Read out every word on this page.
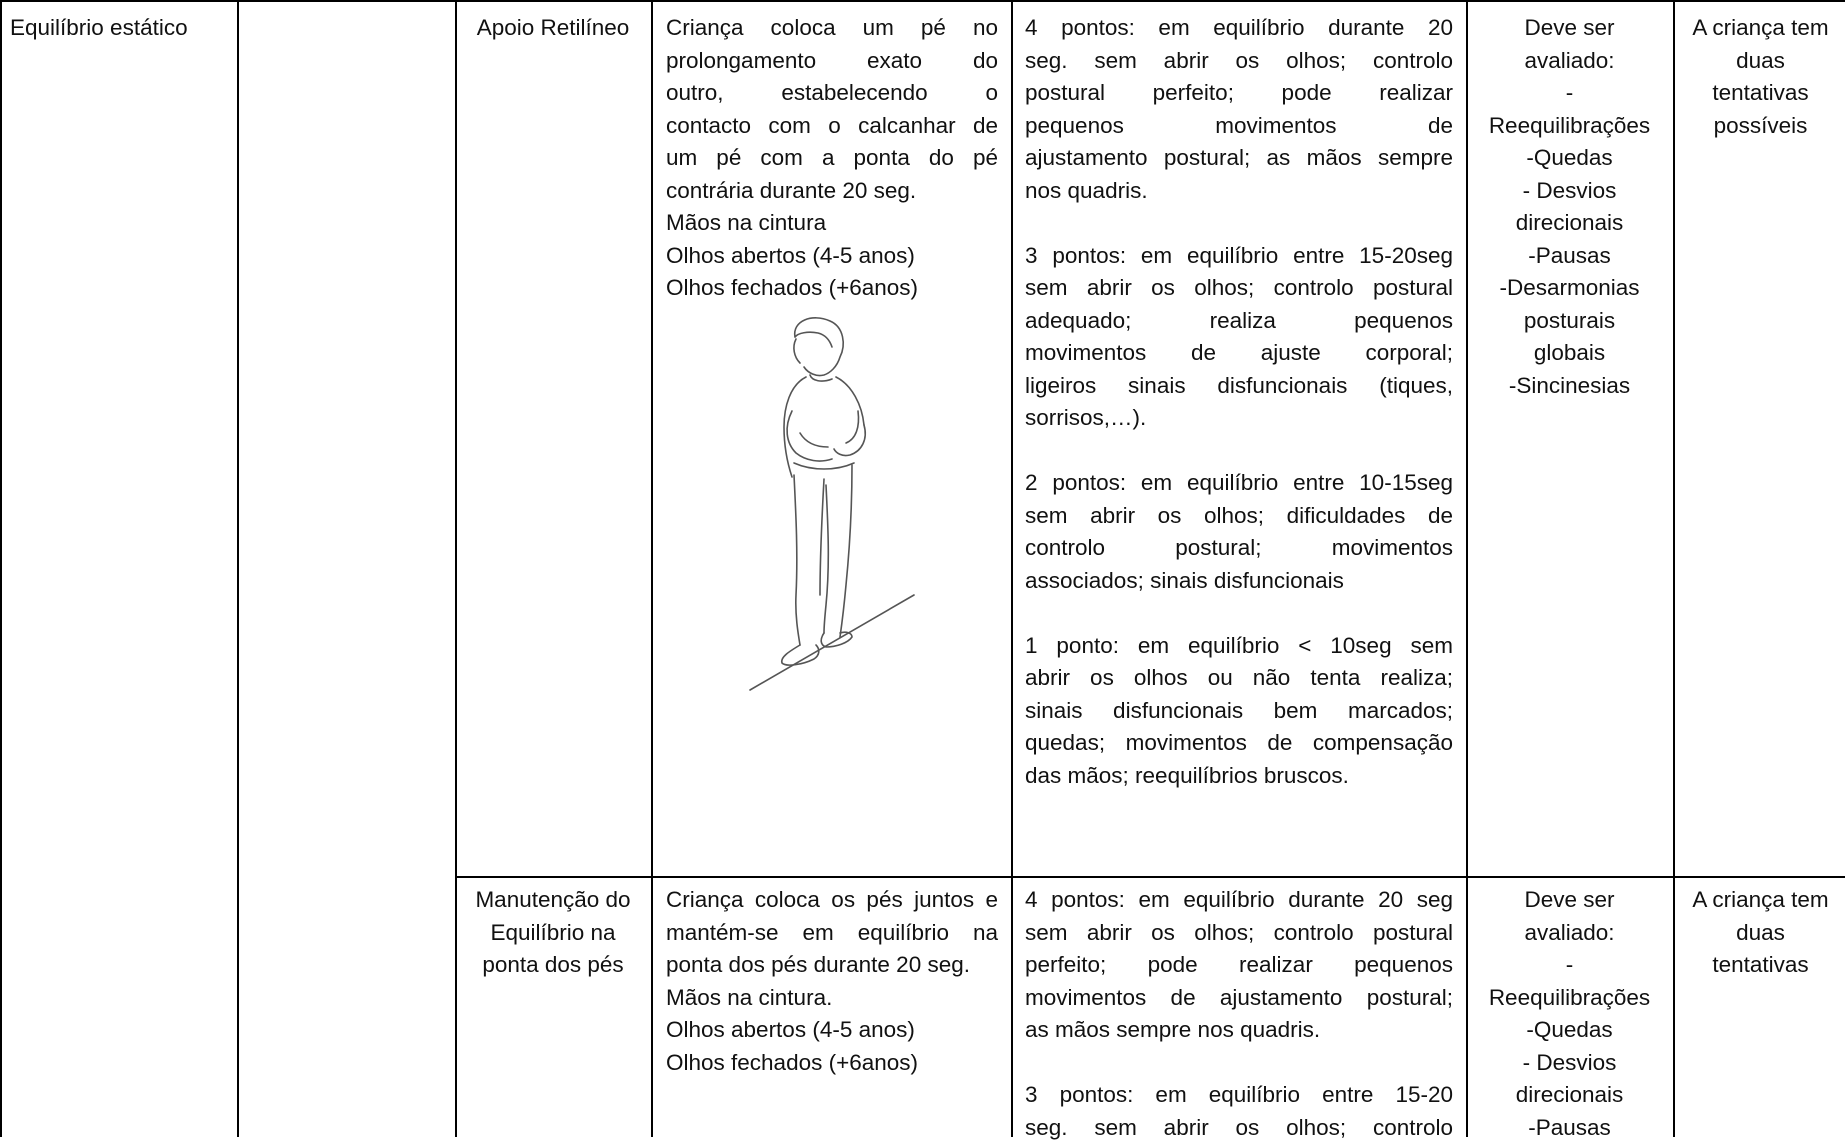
Equilíbrio estático	Apoio Retilíneo	Criança coloca um pé no
prolongamento exato do
outro, estabelecendo o
contacto com o calcanhar de
um pé com a ponta do pé
contrária durante 20 seg.
Mãos na cintura
Olhos abertos (4-5 anos)
Olhos fechados (+6anos)
4 pontos: em equilíbrio durante 20
seg. sem abrir os olhos; controlo
postural perfeito; pode realizar
pequenos movimentos de
ajustamento postural; as mãos sempre
nos quadris.
3 pontos: em equilíbrio entre 15-20seg
sem abrir os olhos; controlo postural
adequado; realiza pequenos
movimentos de ajuste corporal;
ligeiros sinais disfuncionais (tiques,
sorrisos,…).
2 pontos: em equilíbrio entre 10-15seg
sem abrir os olhos; dificuldades de
controlo postural; movimentos
associados; sinais disfuncionais
1 ponto: em equilíbrio < 10seg sem
abrir os olhos ou não tenta realiza;
sinais disfuncionais bem marcados;
quedas; movimentos de compensação
das mãos; reequilíbrios bruscos.
Deve ser
avaliado:
-
Reequilibrações
-Quedas
- Desvios
direcionais
-Pausas
-Desarmonias
posturais
globais
-Sincinesias
A criança tem
duas
tentativas
possíveis
Manutenção do
Equilíbrio na
ponta dos pés
Criança coloca os pés juntos e
mantém-se em equilíbrio na
ponta dos pés durante 20 seg.
Mãos na cintura.
Olhos abertos (4-5 anos)
Olhos fechados (+6anos)
4 pontos: em equilíbrio durante 20 seg
sem abrir os olhos; controlo postural
perfeito; pode realizar pequenos
movimentos de ajustamento postural;
as mãos sempre nos quadris.
3 pontos: em equilíbrio entre 15-20
seg. sem abrir os olhos; controlo
Deve ser
avaliado:
-
Reequilibrações
-Quedas
- Desvios
direcionais
-Pausas
A criança tem
duas
tentativas
